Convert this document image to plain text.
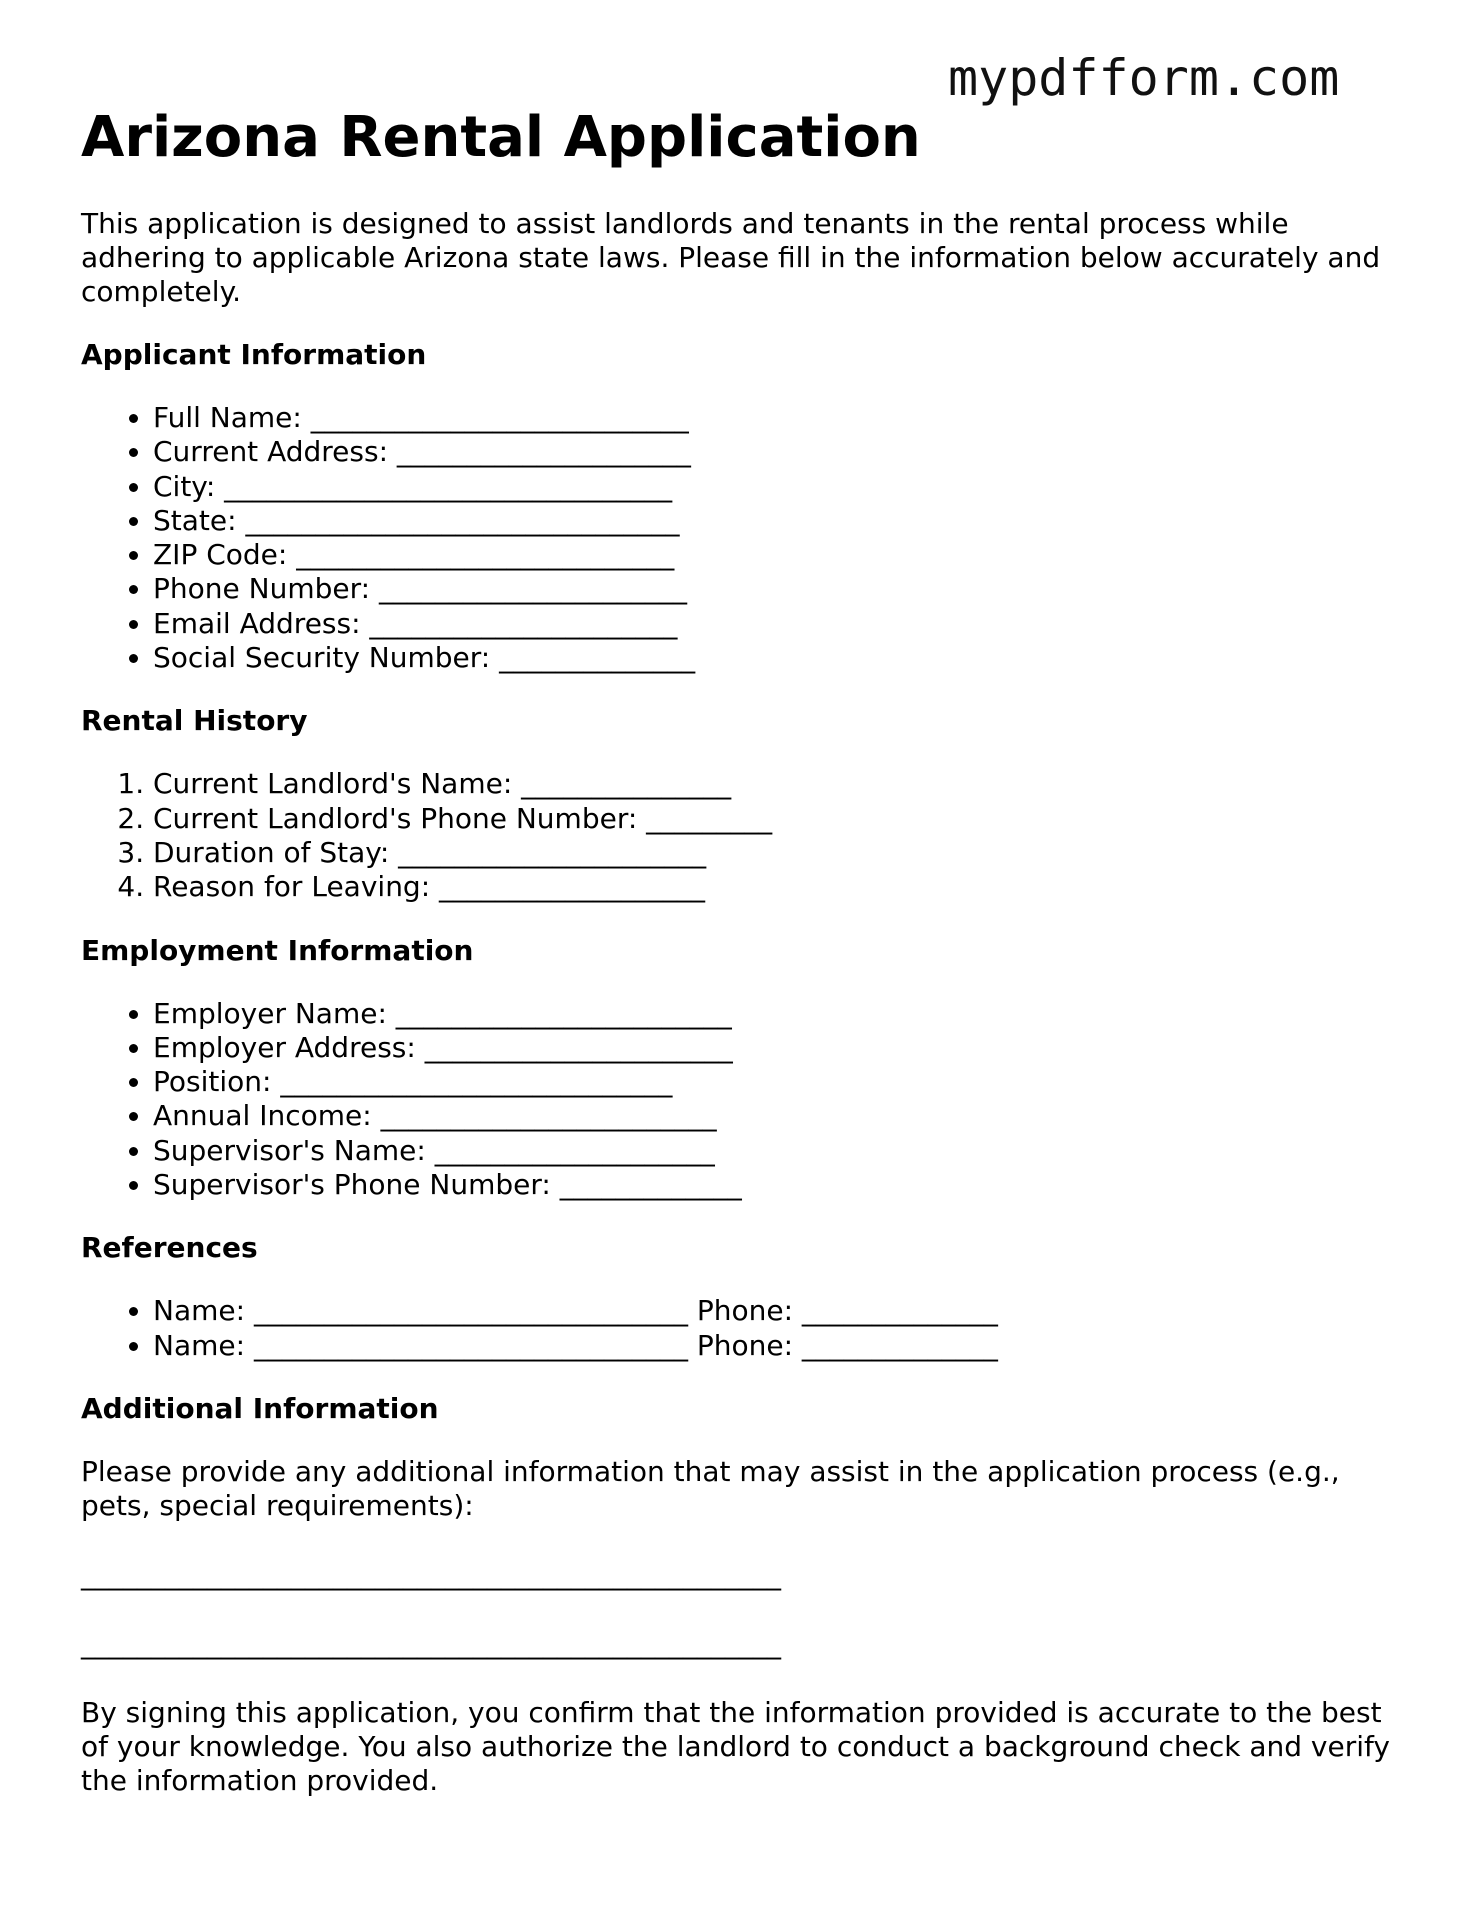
mypdfform.com
Arizona Rental Application

This application is designed to assist landlords and tenants in the rental process while adhering to applicable Arizona state laws. Please fill in the information below accurately and completely.

Applicant Information
• Full Name: ___________________________
• Current Address: _____________________
• City: ________________________________
• State: _______________________________
• ZIP Code: ___________________________
• Phone Number: ______________________
• Email Address: ______________________
• Social Security Number: ______________
Rental History
1. Current Landlord's Name: _______________
2. Current Landlord's Phone Number: _________
3. Duration of Stay: ______________________
4. Reason for Leaving: ___________________
Employment Information
• Employer Name: ________________________
• Employer Address: ______________________
• Position: ____________________________
• Annual Income: ________________________
• Supervisor's Name: ____________________
• Supervisor's Phone Number: _____________
References
• Name: _______________________________ Phone: ______________
• Name: _______________________________ Phone: ______________
Additional Information

Please provide any additional information that may assist in the application process (e.g., pets, special requirements):

__________________________________________________
__________________________________________________

By signing this application, you confirm that the information provided is accurate to the best of your knowledge. You also authorize the landlord to conduct a background check and verify the information provided.
